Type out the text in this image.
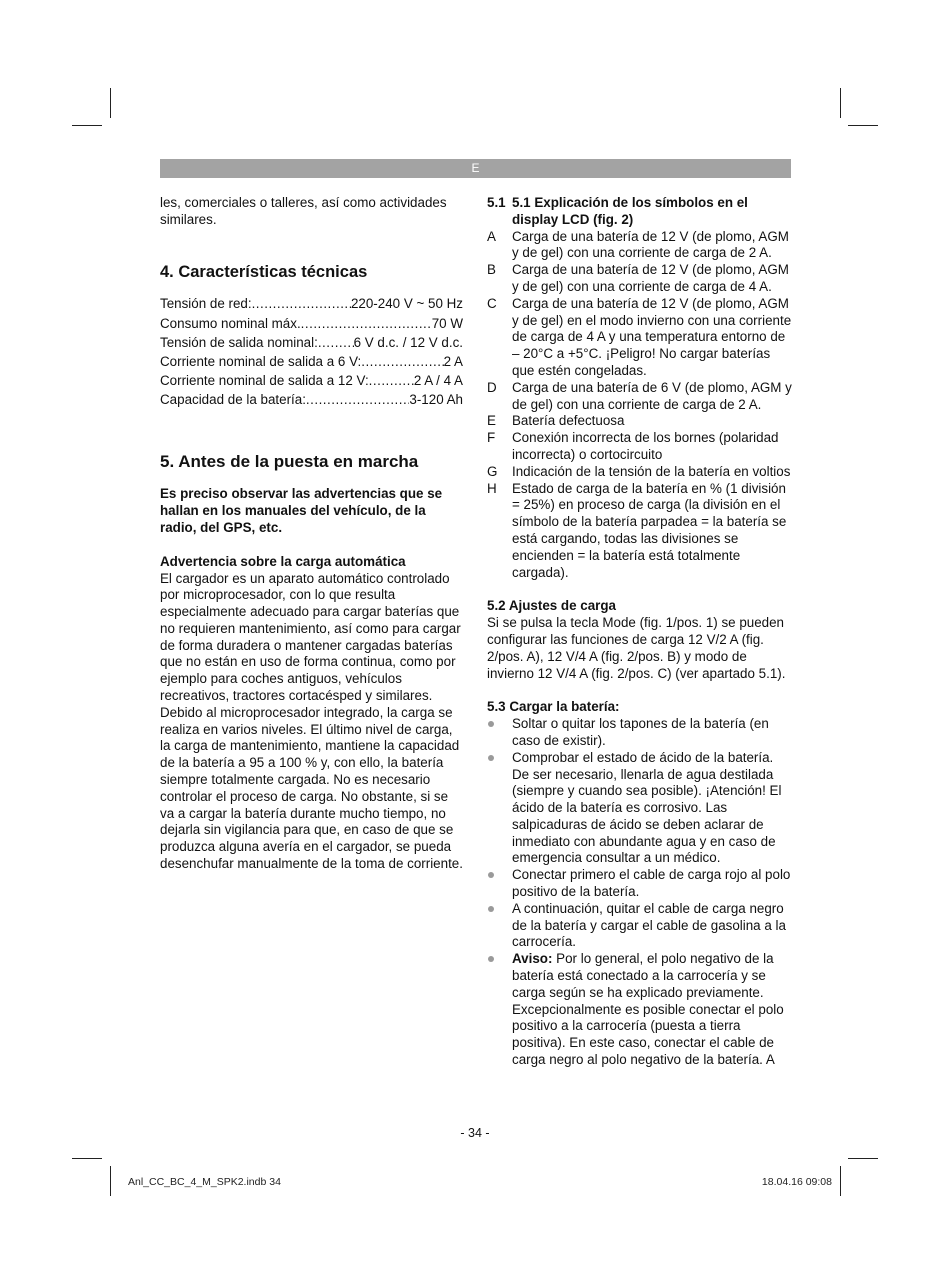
E

les, comerciales o talleres, así como actividades similares.

4. Características técnicas

Tensión de red: .....	220-240 V ~ 50 Hz
Consumo nominal máx. .....	70 W
Tensión de salida nominal: .....	6 V d.c. / 12 V d.c.
Corriente nominal de salida a 6 V: .....	2 A
Corriente nominal de salida a 12 V: .....	2 A / 4 A
Capacidad de la batería: .....	3-120 Ah

5. Antes de la puesta en marcha

Es preciso observar las advertencias que se hallan en los manuales del vehículo, de la radio, del GPS, etc.

Advertencia sobre la carga automática

El cargador es un aparato automático controlado por microprocesador, con lo que resulta especialmente adecuado para cargar baterías que no requieren mantenimiento, así como para cargar de forma duradera o mantener cargadas baterías que no están en uso de forma continua, como por ejemplo para coches antiguos, vehículos recreativos, tractores cortacésped y similares. Debido al microprocesador integrado, la carga se realiza en varios niveles. El último nivel de carga, la carga de mantenimiento, mantiene la capacidad de la batería a 95 a 100 % y, con ello, la batería siempre totalmente cargada. No es necesario controlar el proceso de carga. No obstante, si se va a cargar la batería durante mucho tiempo, no dejarla sin vigilancia para que, en caso de que se produzca alguna avería en el cargador, se pueda desenchufar manualmente de la toma de corriente.

5.1 5.1 Explicación de los símbolos en el display LCD (fig. 2)
A	Carga de una batería de 12 V (de plomo, AGM y de gel) con una corriente de carga de 2 A.
B	Carga de una batería de 12 V (de plomo, AGM y de gel) con una corriente de carga de 4 A.
C	Carga de una batería de 12 V (de plomo, AGM y de gel) en el modo invierno con una corriente de carga de 4 A y una temperatura entorno de – 20°C a +5°C. ¡Peligro! No cargar baterías que estén congeladas.
D	Carga de una batería de 6 V (de plomo, AGM y de gel) con una corriente de carga de 2 A.
E	Batería defectuosa
F	Conexión incorrecta de los bornes (polaridad incorrecta) o cortocircuito
G	Indicación de la tensión de la batería en voltios
H	Estado de carga de la batería en % (1 división = 25%) en proceso de carga (la división en el símbolo de la batería parpadea = la batería se está cargando, todas las divisiones se encienden = la batería está totalmente cargada).

5.2 Ajustes de carga

Si se pulsa la tecla Mode (fig. 1/pos. 1) se pueden configurar las funciones de carga 12 V/2 A (fig. 2/pos. A), 12 V/4 A (fig. 2/pos. B) y modo de invierno 12 V/4 A (fig. 2/pos. C) (ver apartado 5.1).

5.3 Cargar la batería:

Soltar o quitar los tapones de la batería (en caso de existir).
Comprobar el estado de ácido de la batería. De ser necesario, llenarla de agua destilada (siempre y cuando sea posible). ¡Atención! El ácido de la batería es corrosivo. Las salpicaduras de ácido se deben aclarar de inmediato con abundante agua y en caso de emergencia consultar a un médico.
Conectar primero el cable de carga rojo al polo positivo de la batería.
A continuación, quitar el cable de carga negro de la batería y cargar el cable de gasolina a la carrocería.
Aviso: Por lo general, el polo negativo de la batería está conectado a la carrocería y se carga según se ha explicado previamente. Excepcionalmente es posible conectar el polo positivo a la carrocería (puesta a tierra positiva). En este caso, conectar el cable de carga negro al polo negativo de la batería. A
- 34 -
Anl_CC_BC_4_M_SPK2.indb 34	18.04.16 09:08
